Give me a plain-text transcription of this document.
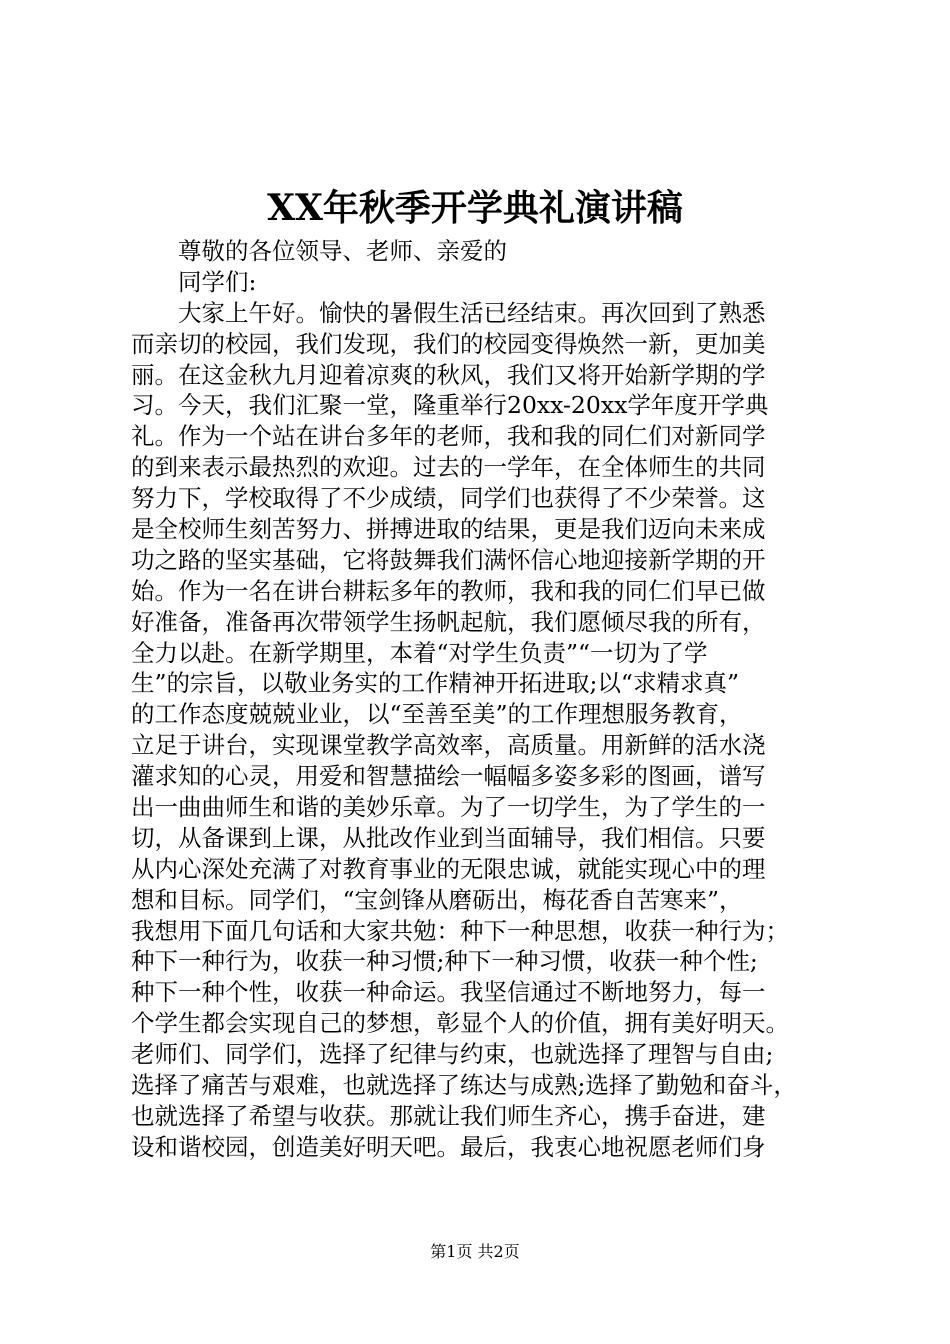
XX年秋季开学典礼演讲稿
尊敬的各位领导、老师、亲爱的
同学们:
大家上午好。愉快的暑假生活已经结束。再次回到了熟悉
而亲切的校园，我们发现，我们的校园变得焕然一新，更加美
丽。在这金秋九月迎着凉爽的秋风，我们又将开始新学期的学
习。今天，我们汇聚一堂，隆重举行20xx-20xx学年度开学典
礼。作为一个站在讲台多年的老师，我和我的同仁们对新同学
的到来表示最热烈的欢迎。过去的一学年，在全体师生的共同
努力下，学校取得了不少成绩，同学们也获得了不少荣誉。这
是全校师生刻苦努力、拼搏进取的结果，更是我们迈向未来成
功之路的坚实基础，它将鼓舞我们满怀信心地迎接新学期的开
始。作为一名在讲台耕耘多年的教师，我和我的同仁们早已做
好准备，准备再次带领学生扬帆起航，我们愿倾尽我的所有，
全力以赴。在新学期里，本着“对学生负责”“一切为了学
生”的宗旨，以敬业务实的工作精神开拓进取;以“求精求真”
的工作态度兢兢业业，以“至善至美”的工作理想服务教育，
立足于讲台，实现课堂教学高效率，高质量。用新鲜的活水浇
灌求知的心灵，用爱和智慧描绘一幅幅多姿多彩的图画，谱写
出一曲曲师生和谐的美妙乐章。为了一切学生，为了学生的一
切，从备课到上课，从批改作业到当面辅导，我们相信。只要
从内心深处充满了对教育事业的无限忠诚，就能实现心中的理
想和目标。同学们，“宝剑锋从磨砺出，梅花香自苦寒来”，
我想用下面几句话和大家共勉：种下一种思想，收获一种行为；
种下一种行为，收获一种习惯;种下一种习惯，收获一种个性;
种下一种个性，收获一种命运。我坚信通过不断地努力，每一
个学生都会实现自己的梦想，彰显个人的价值，拥有美好明天。
老师们、同学们，选择了纪律与约束，也就选择了理智与自由;
选择了痛苦与艰难，也就选择了练达与成熟;选择了勤勉和奋斗，
也就选择了希望与收获。那就让我们师生齐心，携手奋进，建
设和谐校园，创造美好明天吧。最后，我衷心地祝愿老师们身
第1页 共2页
